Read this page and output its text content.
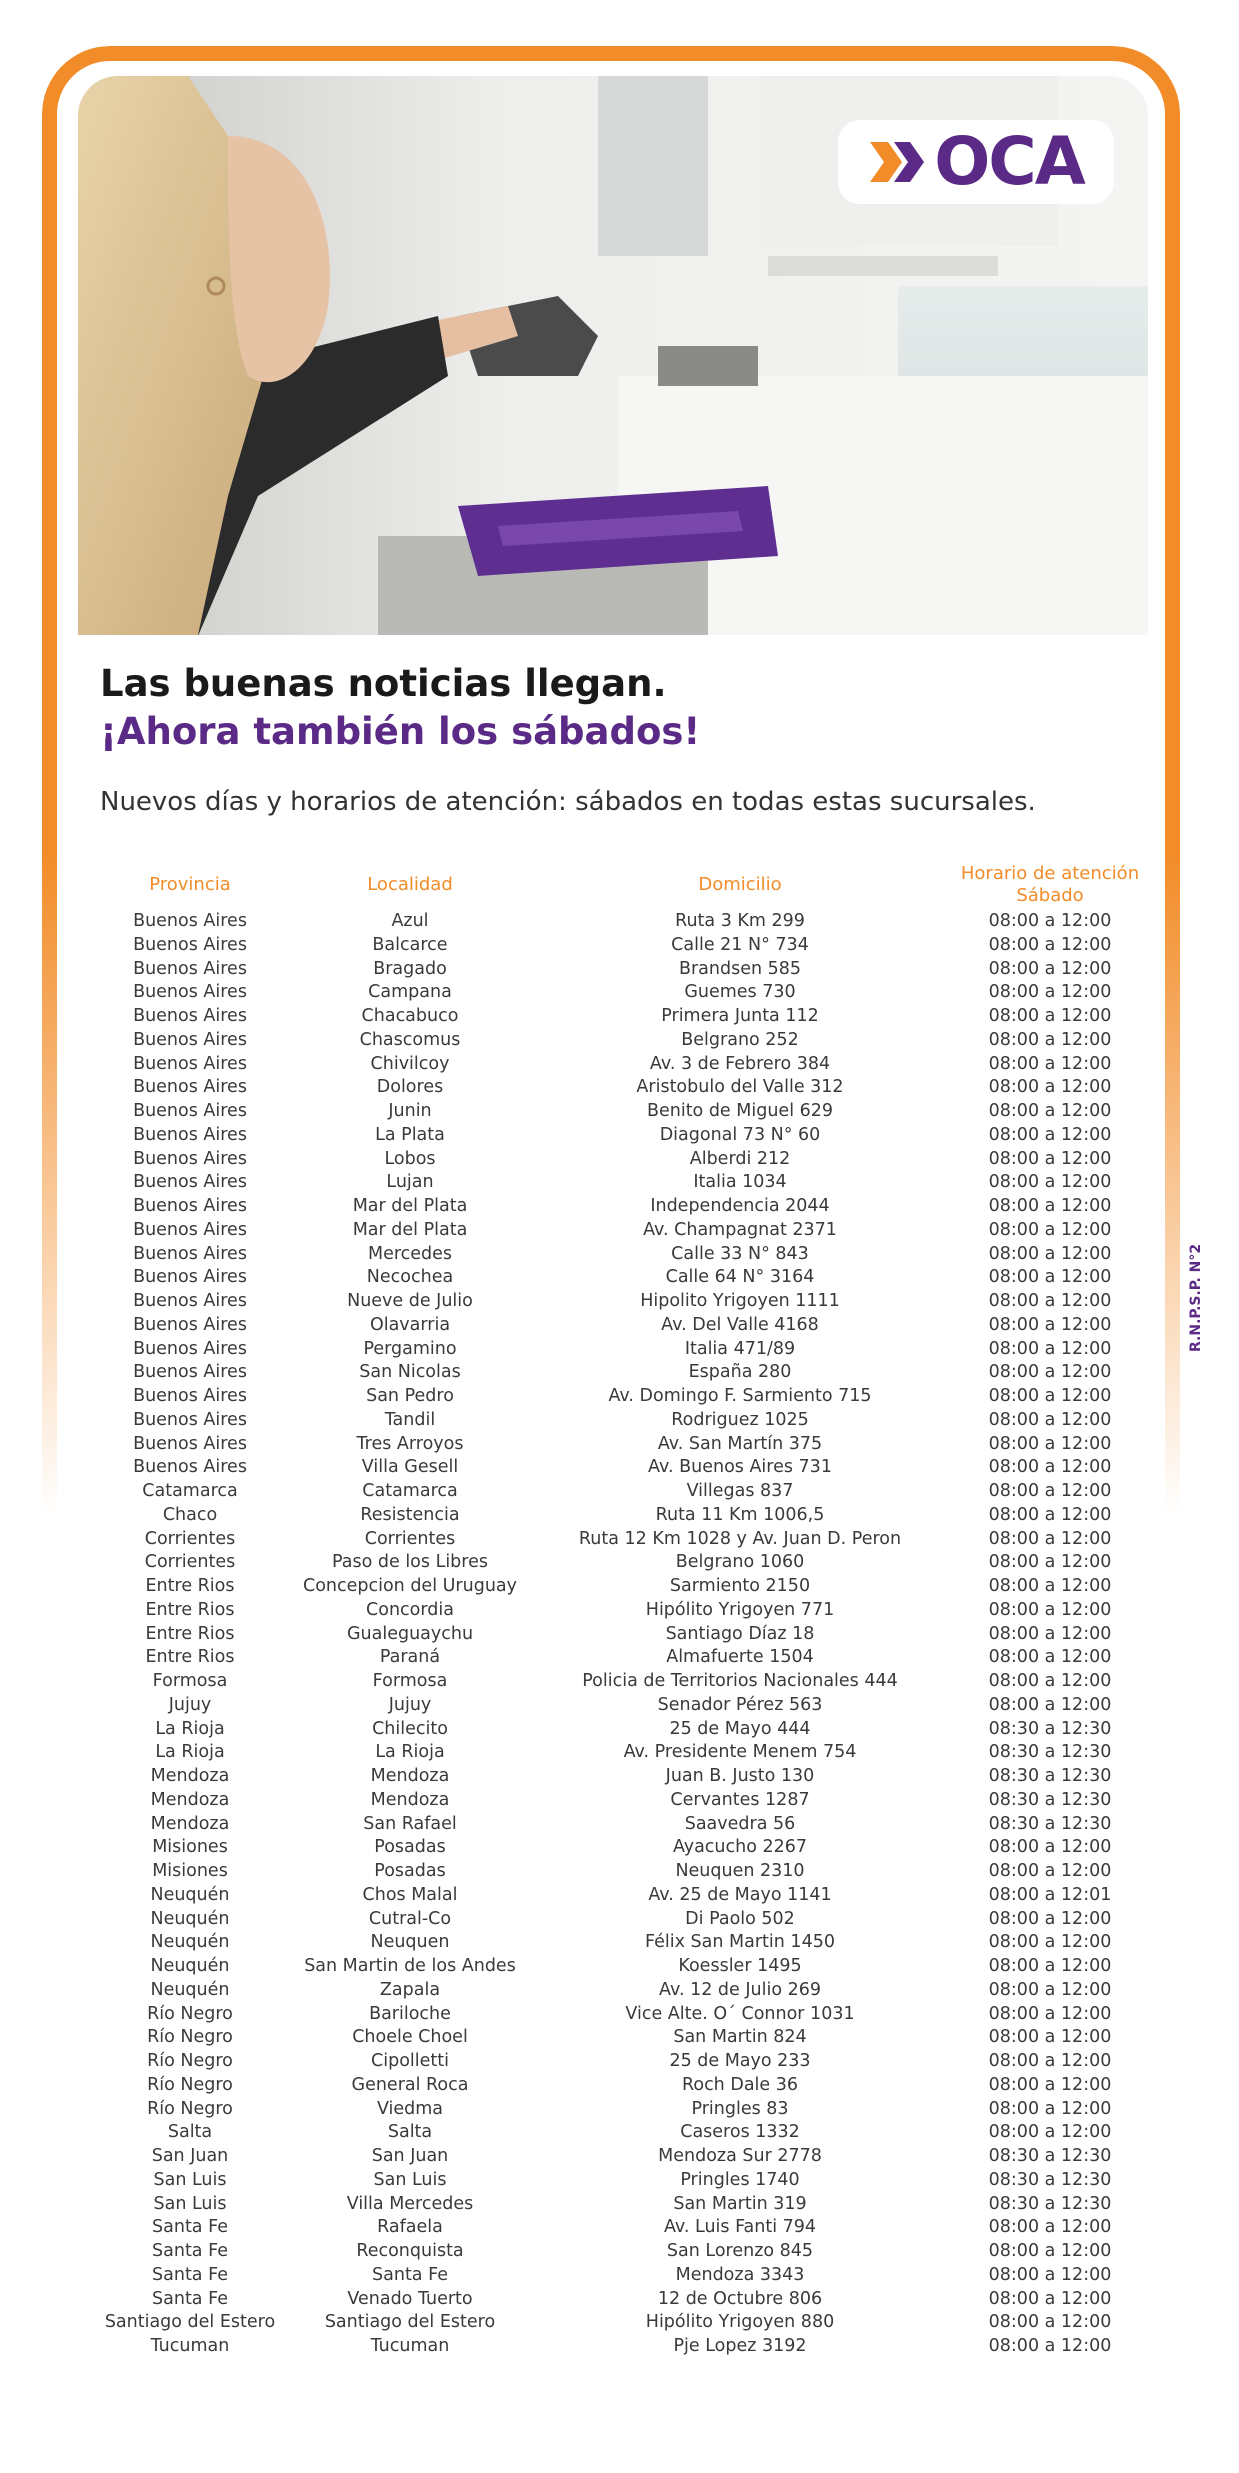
OCA
Las buenas noticias llegan.
¡Ahora también los sábados!

Nuevos días y horarios de atención: sábados en todas estas sucursales.

R.N.P.S.P. N°2
Provincia	Localidad	Domicilio	Horario de atención
Sábado
Buenos Aires	Azul	Ruta 3 Km 299	08:00 a 12:00
Buenos Aires	Balcarce	Calle 21 N° 734	08:00 a 12:00
Buenos Aires	Bragado	Brandsen 585	08:00 a 12:00
Buenos Aires	Campana	Guemes 730	08:00 a 12:00
Buenos Aires	Chacabuco	Primera Junta 112	08:00 a 12:00
Buenos Aires	Chascomus	Belgrano 252	08:00 a 12:00
Buenos Aires	Chivilcoy	Av. 3 de Febrero 384	08:00 a 12:00
Buenos Aires	Dolores	Aristobulo del Valle 312	08:00 a 12:00
Buenos Aires	Junin	Benito de Miguel 629	08:00 a 12:00
Buenos Aires	La Plata	Diagonal 73 N° 60	08:00 a 12:00
Buenos Aires	Lobos	Alberdi 212	08:00 a 12:00
Buenos Aires	Lujan	Italia 1034	08:00 a 12:00
Buenos Aires	Mar del Plata	Independencia 2044	08:00 a 12:00
Buenos Aires	Mar del Plata	Av. Champagnat 2371	08:00 a 12:00
Buenos Aires	Mercedes	Calle 33 N° 843	08:00 a 12:00
Buenos Aires	Necochea	Calle 64 N° 3164	08:00 a 12:00
Buenos Aires	Nueve de Julio	Hipolito Yrigoyen 1111	08:00 a 12:00
Buenos Aires	Olavarria	Av. Del Valle 4168	08:00 a 12:00
Buenos Aires	Pergamino	Italia 471/89	08:00 a 12:00
Buenos Aires	San Nicolas	España 280	08:00 a 12:00
Buenos Aires	San Pedro	Av. Domingo F. Sarmiento 715	08:00 a 12:00
Buenos Aires	Tandil	Rodriguez 1025	08:00 a 12:00
Buenos Aires	Tres Arroyos	Av. San Martín 375	08:00 a 12:00
Buenos Aires	Villa Gesell	Av. Buenos Aires 731	08:00 a 12:00
Catamarca	Catamarca	Villegas 837	08:00 a 12:00
Chaco	Resistencia	Ruta 11 Km 1006,5	08:00 a 12:00
Corrientes	Corrientes	Ruta 12 Km 1028 y Av. Juan D. Peron	08:00 a 12:00
Corrientes	Paso de los Libres	Belgrano 1060	08:00 a 12:00
Entre Rios	Concepcion del Uruguay	Sarmiento 2150	08:00 a 12:00
Entre Rios	Concordia	Hipólito Yrigoyen 771	08:00 a 12:00
Entre Rios	Gualeguaychu	Santiago Díaz 18	08:00 a 12:00
Entre Rios	Paraná	Almafuerte 1504	08:00 a 12:00
Formosa	Formosa	Policia de Territorios Nacionales 444	08:00 a 12:00
Jujuy	Jujuy	Senador Pérez 563	08:00 a 12:00
La Rioja	Chilecito	25 de Mayo 444	08:30 a 12:30
La Rioja	La Rioja	Av. Presidente Menem 754	08:30 a 12:30
Mendoza	Mendoza	Juan B. Justo 130	08:30 a 12:30
Mendoza	Mendoza	Cervantes 1287	08:30 a 12:30
Mendoza	San Rafael	Saavedra 56	08:30 a 12:30
Misiones	Posadas	Ayacucho 2267	08:00 a 12:00
Misiones	Posadas	Neuquen 2310	08:00 a 12:00
Neuquén	Chos Malal	Av. 25 de Mayo 1141	08:00 a 12:01
Neuquén	Cutral-Co	Di Paolo 502	08:00 a 12:00
Neuquén	Neuquen	Félix San Martin 1450	08:00 a 12:00
Neuquén	San Martin de los Andes	Koessler 1495	08:00 a 12:00
Neuquén	Zapala	Av. 12 de Julio 269	08:00 a 12:00
Río Negro	Bariloche	Vice Alte. O´ Connor 1031	08:00 a 12:00
Río Negro	Choele Choel	San Martin 824	08:00 a 12:00
Río Negro	Cipolletti	25 de Mayo 233	08:00 a 12:00
Río Negro	General Roca	Roch Dale 36	08:00 a 12:00
Río Negro	Viedma	Pringles 83	08:00 a 12:00
Salta	Salta	Caseros 1332	08:00 a 12:00
San Juan	San Juan	Mendoza Sur 2778	08:30 a 12:30
San Luis	San Luis	Pringles 1740	08:30 a 12:30
San Luis	Villa Mercedes	San Martin 319	08:30 a 12:30
Santa Fe	Rafaela	Av. Luis Fanti 794	08:00 a 12:00
Santa Fe	Reconquista	San Lorenzo 845	08:00 a 12:00
Santa Fe	Santa Fe	Mendoza 3343	08:00 a 12:00
Santa Fe	Venado Tuerto	12 de Octubre 806	08:00 a 12:00
Santiago del Estero	Santiago del Estero	Hipólito Yrigoyen 880	08:00 a 12:00
Tucuman	Tucuman	Pje Lopez 3192	08:00 a 12:00
